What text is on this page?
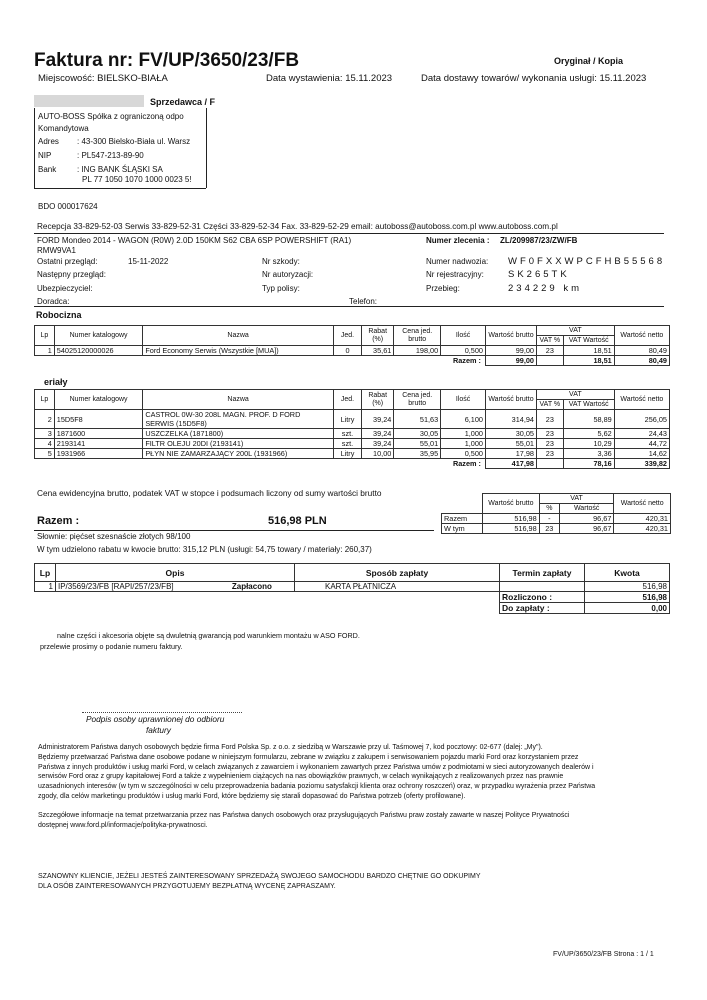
Faktura nr: FV/UP/3650/23/FB	Oryginał / Kopia
Miejscowość: BIELSKO-BIAŁA	Data wystawienia: 15.11.2023	Data dostawy towarów/ wykonania usługi: 15.11.2023
Sprzedawca / F
AUTO-BOSS Spółka z ograniczoną odpo
Komandytowa
Adres : 43-300 Bielsko-Biała ul. Warsz
NIP	: PL547-213-89-90
Bank	: ING BANK ŚLĄSKI SA
PL 77 1050 1070 1000 0023 5!
BDO 000017624
Recepcja 33-829-52-03 Serwis 33-829-52-31 Części 33-829-52-34 Fax. 33-829-52-29 email: autoboss@autoboss.com.pl www.autoboss.com.pl
FORD Mondeo 2014 - WAGON (R0W) 2.0D 150KM S62 CBA 6SP POWERSHIFT (RA1)	Numer zlecenia : ZL/209987/23/ZW/FB
RMW9VA1
Ostatni przegląd:	15-11-2022
Następny przegląd:
Ubezpieczyciel:
Doradca:
Nr szkody:
Nr autoryzacji:
Typ polisy:
Telefon:
Numer nadwozia: WF0FXXWPCFHB55568
Nr rejestracyjny:	SK265TK
Przebieg:	234229 km
Robocizna
Lp	Numer katalogowy	Nazwa	Jed.	Rabat (%)	Cena jed. brutto	Ilość	Wartość brutto	VAT		Wartość netto
								VAT %	VAT Wartość	
1	54025120000026	Ford Economy Serwis (Wszystkie [MUA])	0	35,61	198,00	0,500	99,00	23	18,51	80,49
Razem :							99,00		18,51	80,49
eriały
Lp	Numer katalogowy	Nazwa	Jed.	Rabat (%)	Cena jed. brutto	Ilość	Wartość brutto	VAT		Wartość netto
								VAT %	VAT Wartość	
2	15D5F8	CASTROL 0W-30 208L MAGN. PROF. D FORD SERWIS (15D5F8)	Litry	39,24	51,63	6,100	314,94	23	58,89	256,05
3	1871600	USZCZELKA (1871800)	szt.	39,24	30,05	1,000	30,05	23	5,62	24,43
4	2193141	FILTR OLEJU 20DI (2193141)	szt.	39,24	55,01	1,000	55,01	23	10,29	44,72
5	1931966	PŁYN NIE ZAMARZAJĄCY 200L (1931966)	Litry	10,00	35,95	0,500	17,98	23	3,36	14,62
Razem :							417,98		78,16	339,82
Cena ewidencyjna brutto, podatek VAT w stopce i podsumach liczony od sumy wartości brutto
Razem :	516,98 PLN
Słownie: pięćset szesnaście złotych 98/100
W tym udzielono rabatu w kwocie brutto: 315,12 PLN (usługi: 54,75 towary / materiały: 260,37)
	Wartość brutto	VAT		Wartość netto
		%	Wartość	
Razem	516,98	-	96,67	420,31
W tym	516,98	23	96,67	420,31
Lp	Opis		Sposób zapłaty	Termin zapłaty	Kwota
1	IP/3569/23/FB [RAPI/257/23/FB]	Zapłacono	KARTA PŁATNICZA		516,98
				Rozliczono :	516,98
				Do zapłaty :	0,00
nalne części i akcesoria objęte są dwuletnią gwarancją pod warunkiem montażu w ASO FORD.
przelewie prosimy o podanie numeru faktury.
Podpis osoby uprawnionej do odbioru
faktury
Administratorem Państwa danych osobowych będzie firma Ford Polska Sp. z o.o. z siedzibą w Warszawie przy ul. Taśmowej 7, kod pocztowy: 02-677 (dalej: „My").
Będziemy przetwarzać Państwa dane osobowe podane w niniejszym formularzu, zebrane w związku z zakupem i serwisowaniem pojazdu marki Ford oraz korzystaniem przez
Państwa z innych produktów i usług marki Ford, w celach związanych z zawarciem i wykonaniem zawartych przez Państwa umów z podmiotami w sieci autoryzowanych dealerów i
serwisów Ford oraz z grupy kapitałowej Ford a także z wypełnieniem ciążących na nas obowiązków prawnych, w celach wynikających z realizowanych przez nas prawnie
uzasadnionych interesów (w tym w szczególności w celu przeprowadzenia badania poziomu satysfakcji klienta oraz ochrony roszczeń) oraz, w przypadku wyrażenia przez Państwa
zgody, dla celów marketingu produktów i usług marki Ford, które będziemy się starali dopasować do Państwa potrzeb (oferty profilowane).
Szczegółowe informacje na temat przetwarzania przez nas Państwa danych osobowych oraz przysługujących Państwu praw zostały zawarte w naszej Polityce Prywatności
dostępnej www.ford.pl/informacje/polityka-prywatnosci.
SZANOWNY KLIENCIE, JEŻELI JESTEŚ ZAINTERESOWANY SPRZEDAŻĄ SWOJEGO SAMOCHODU BARDZO CHĘTNIE GO ODKUPIMY
DLA OSÓB ZAINTERESOWANYCH PRZYGOTUJEMY BEZPŁATNĄ WYCENĘ ZAPRASZAMY.
FV/UP/3650/23/FB Strona : 1 / 1
